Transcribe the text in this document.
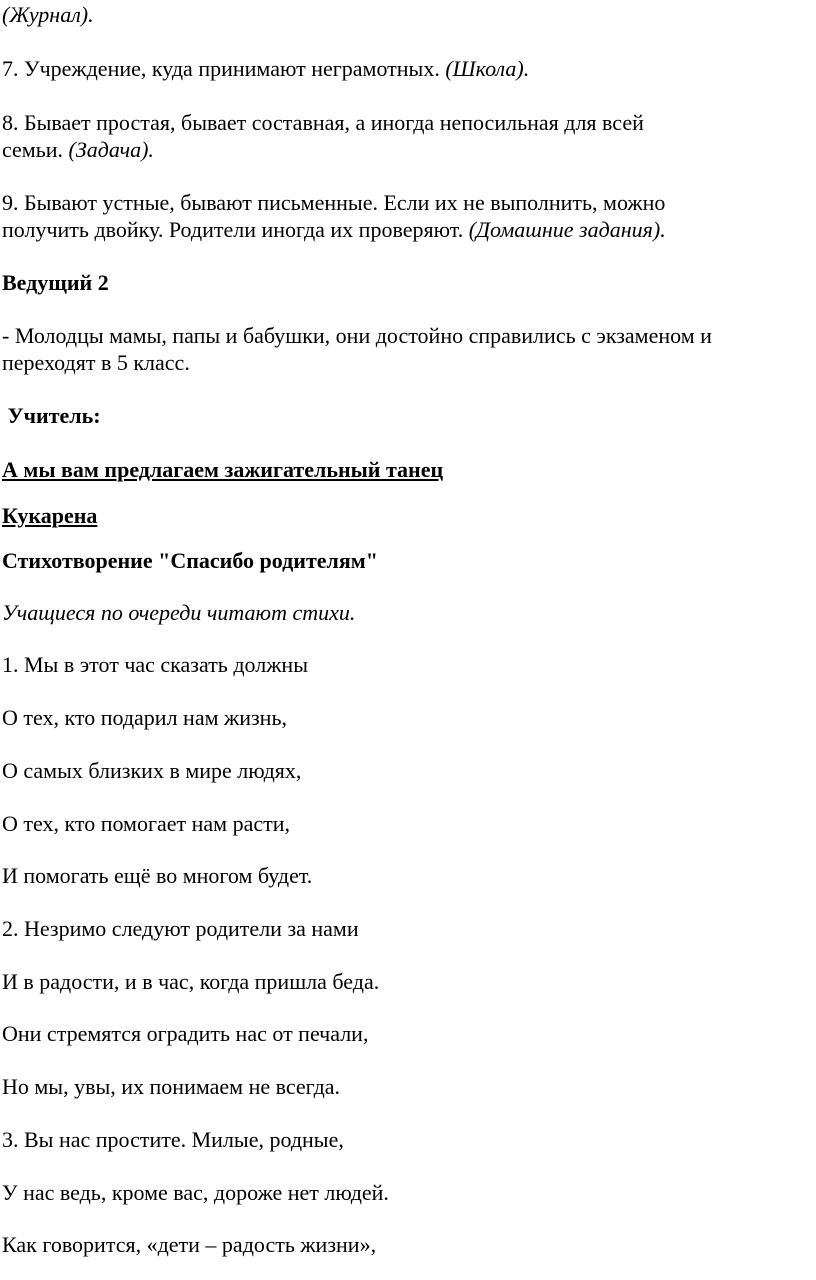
(Журнал).
7. Учреждение, куда принимают неграмотных. (Школа).
8. Бывает простая, бывает составная, а иногда непосильная для всей
семьи. (Задача).
9. Бывают устные, бывают письменные. Если их не выполнить, можно
получить двойку. Родители иногда их проверяют. (Домашние задания).
Ведущий 2
- Молодцы мамы, папы и бабушки, они достойно справились с экзаменом и
переходят в 5 класс.
Учитель:
А мы вам предлагаем зажигательный танец
Кукарена
Стихотворение "Спасибо родителям"
Учащиеся по очереди читают стихи.
1. Мы в этот час сказать должны
О тех, кто подарил нам жизнь,
О самых близких в мире людях,
О тех, кто помогает нам расти,
И помогать ещё во многом будет.
2. Незримо следуют родители за нами
И в радости, и в час, когда пришла беда.
Они стремятся оградить нас от печали,
Но мы, увы, их понимаем не всегда.
3. Вы нас простите. Милые, родные,
У нас ведь, кроме вас, дороже нет людей.
Как говорится, «дети – радость жизни»,
